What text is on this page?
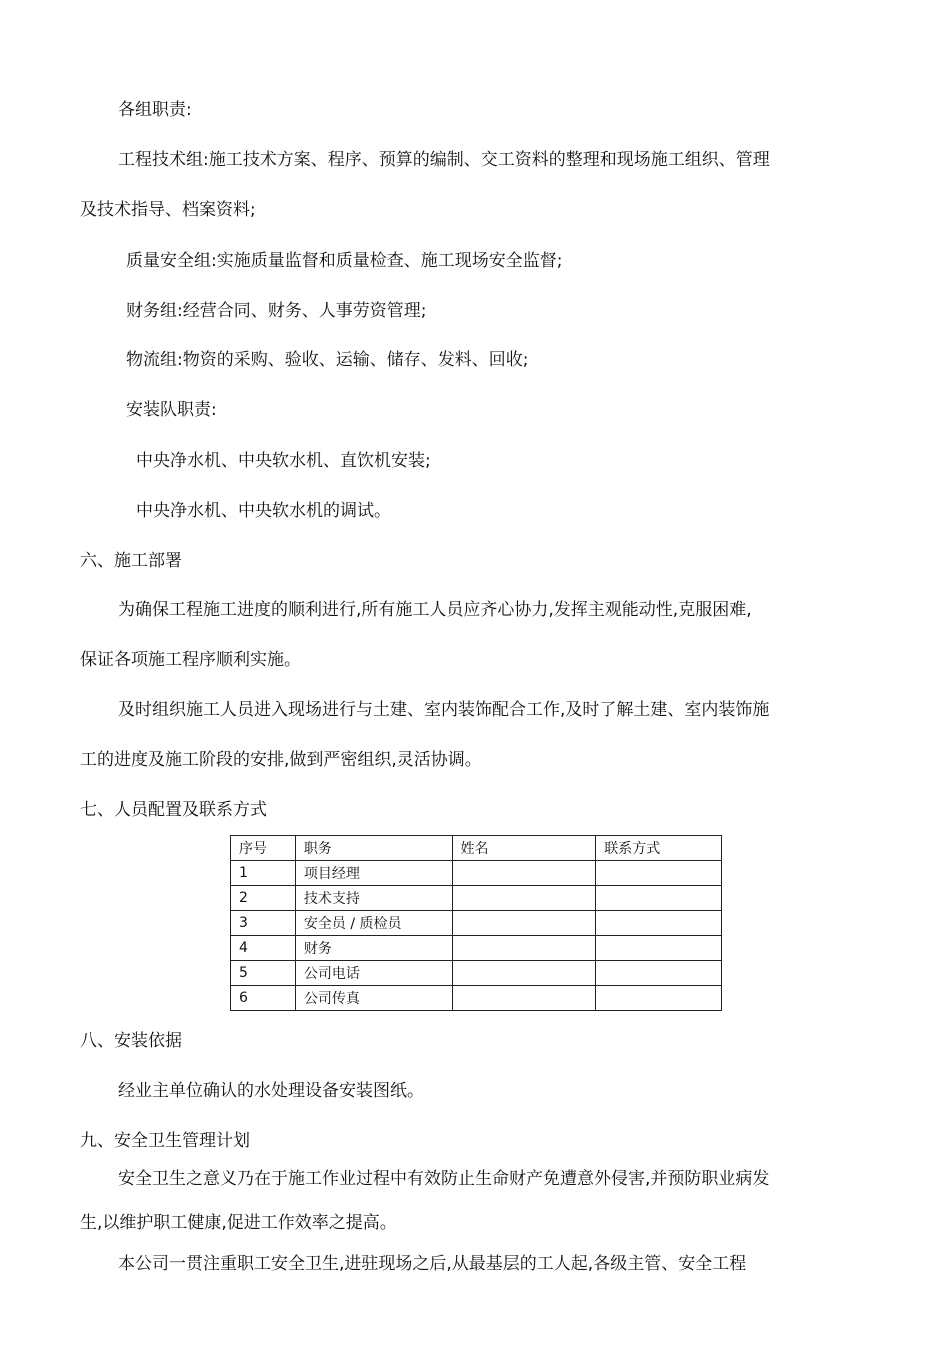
各组职责:
工程技术组:施工技术方案、程序、预算的编制、交工资料的整理和现场施工组织、管理
及技术指导、档案资料;
质量安全组:实施质量监督和质量检查、施工现场安全监督;
财务组:经营合同、财务、人事劳资管理;
物流组:物资的采购、验收、运输、储存、发料、回收;
安装队职责:
中央净水机、中央软水机、直饮机安装;
中央净水机、中央软水机的调试。
六、施工部署
为确保工程施工进度的顺利进行,所有施工人员应齐心协力,发挥主观能动性,克服困难,
保证各项施工程序顺利实施。
及时组织施工人员进入现场进行与土建、室内装饰配合工作,及时了解土建、室内装饰施
工的进度及施工阶段的安排,做到严密组织,灵活协调。
七、人员配置及联系方式
序号	职务	姓名	联系方式
1	项目经理		
2	技术支持		
3	安全员 / 质检员		
4	财务		
5	公司电话		
6	公司传真		
八、安装依据
经业主单位确认的水处理设备安装图纸。
九、安全卫生管理计划
安全卫生之意义乃在于施工作业过程中有效防止生命财产免遭意外侵害,并预防职业病发
生,以维护职工健康,促进工作效率之提高。
本公司一贯注重职工安全卫生,进驻现场之后,从最基层的工人起,各级主管、安全工程
